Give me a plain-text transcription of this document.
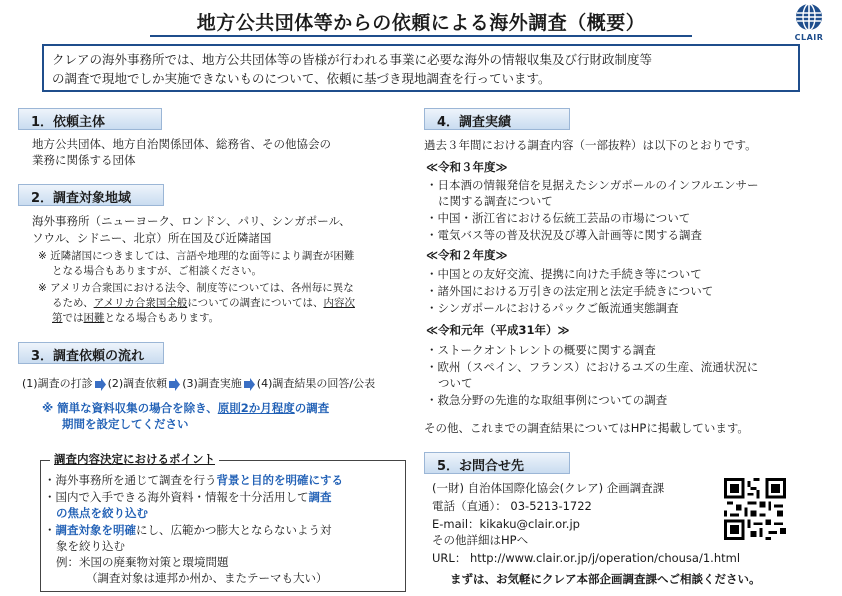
地方公共団体等からの依頼による海外調査（概要）
CLAIR
クレアの海外事務所では、地方公共団体等の皆様が行われる事業に必要な海外の情報収集及び行財政制度等
の調査で現地でしか実施できないものについて、依頼に基づき現地調査を行っています。
1．依頼主体
地方公共団体、地方自治関係団体、総務省、その他協会の
業務に関係する団体
2．調査対象地域
海外事務所（ニューヨーク、ロンドン、パリ、シンガポール、
ソウル、シドニー、北京）所在国及び近隣諸国
※ 近隣諸国につきましては、言語や地理的な面等により調査が困難
となる場合もありますが、ご相談ください。
※ アメリカ合衆国における法令、制度等については、各州毎に異な
るため、アメリカ合衆国全般についての調査については、内容次
第では困難となる場合もあります。
3．調査依頼の流れ
(1)調査の打診 (2)調査依頼 (3)調査実施 (4)調査結果の回答/公表
※ 簡単な資料収集の場合を除き、原則2か月程度の調査
期間を設定してください
調査内容決定におけるポイント
・海外事務所を通じて調査を行う背景と目的を明確にする
・国内で入手できる海外資料・情報を十分活用して調査
の焦点を絞り込む
・調査対象を明確にし、広範かつ膨大とならないよう対
象を絞り込む
例：米国の廃棄物対策と環境問題
（調査対象は連邦か州か、またテーマも大い）
4．調査実績
過去３年間における調査内容（一部抜粋）は以下のとおりです。
≪令和３年度≫
・日本酒の情報発信を見据えたシンガポールのインフルエンサー
に関する調査について
・中国・浙江省における伝統工芸品の市場について
・電気バス等の普及状況及び導入計画等に関する調査
≪令和２年度≫
・中国との友好交流、提携に向けた手続き等について
・諸外国における万引きの法定刑と法定手続きについて
・シンガポールにおけるパックご飯流通実態調査
≪令和元年（平成31年）≫
・ストークオントレントの概要に関する調査
・欧州（スペイン、フランス）におけるユズの生産、流通状況に
ついて
・救急分野の先進的な取組事例についての調査
その他、これまでの調査結果についてはHPに掲載しています。
5．お問合せ先
(一財) 自治体国際化協会(クレア) 企画調査課
電話（直通）： 03-5213-1722
E-mail：kikaku@clair.or.jp
その他詳細はHPへ
URL： http://www.clair.or.jp/j/operation/chousa/1.html
まずは、お気軽にクレア本部企画調査課へご相談ください。
